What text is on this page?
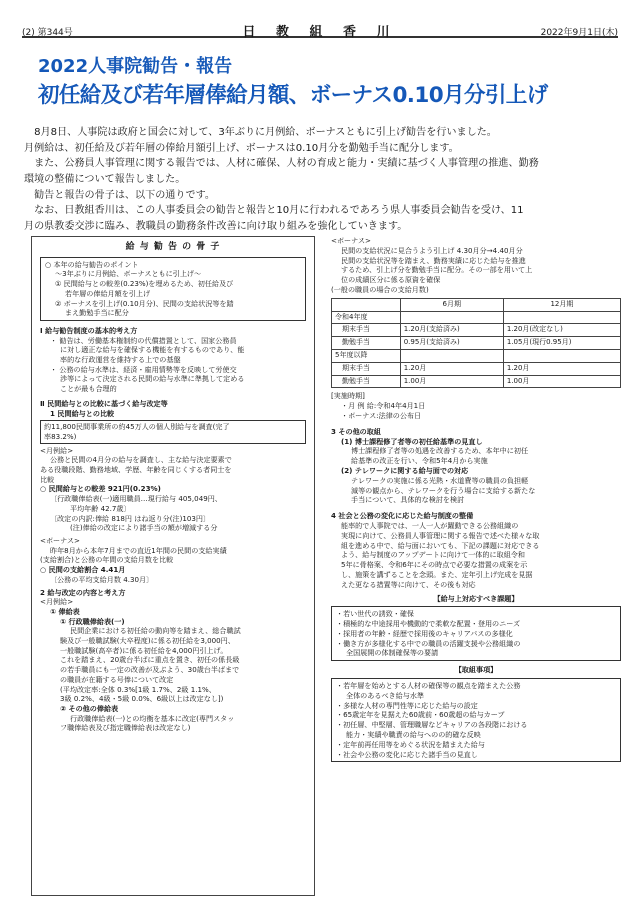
(2) 第344号	日 教 組 香 川	2022年9月1日(木)
2022人事院勧告・報告
初任給及び若年層俸給月額、ボーナス0.10月分引上げ

8月8日、人事院は政府と国会に対して、3年ぶりに月例給、ボーナスともに引上げ勧告を行いました。

月例給は、初任給及び若年層の俸給月額引上げ、ボーナスは0.10月分を勤勉手当に配分します。

また、公務員人事管理に関する報告では、人材に確保、人材の育成と能力・実績に基づく人事管理の推進、勤務

環境の整備について報告しました。

勧告と報告の骨子は、以下の通りです。

なお、日教組香川は、この人事委員会の勧告と報告と10月に行われるであろう県人事委員会勧告を受け、11

月の県教委交渉に臨み、教職員の勤務条件改善に向け取り組みを強化していきます。

給 与 勧 告 の 骨 子
○ 本年の給与勧告のポイント
〜3年ぶりに月例給、ボーナスともに引上げ〜
① 民間給与との較差(0.23%)を埋めるため、初任給及び
若年層の俸給月額を引上げ
② ボーナスを引上げ(0.10月分)、民間の支給状況等を踏
まえ勤勉手当に配分
Ⅰ 給与勧告制度の基本的考え方
・ 勧告は、労働基本権制約の代償措置として、国家公務員
に対し適正な給与を確保する機能を有するものであり、能
率的な行政運営を維持する上での基盤
・ 公務の給与水準は、経済・雇用情勢等を反映して労使交
渉等によって決定される民間の給与水準に準拠して定める
ことが最も合理的
Ⅱ 民間給与との比較に基づく給与改定等
1 民間給与との比較
約11,800民間事業所の約45万人の個人別給与を調査(完了
率83.2%)
<月例給>
公務と民間の4月分の給与を調査し、主な給与決定要素で
ある役職段階、勤務地域、学歴、年齢を同じくする者同士を
比較
○ 民間給与との較差 921円(0.23%)
〔行政職俸給表(一)適用職員…現行給与 405,049円、
平均年齢 42.7歳〕
〔改定の内訳:俸給 818円 はね返り分(注)103円〕
(注)俸給の改定により諸手当の額が増減する分
<ボーナス>
昨年8月から本年7月までの直近1年間の民間の支給実績
(支給割合)と公務の年間の支給月数を比較
○ 民間の支給割合 4.41月
〔公務の平均支給月数 4.30月〕
2 給与改定の内容と考え方
<月例給>
① 俸給表
① 行政職俸給表(一)
民間企業における初任給の動向等を踏まえ、総合職試
験及び一般職試験(大卒程度)に係る初任給を3,000円、
一般職試験(高卒者)に係る初任給を4,000円引上げ。
これを踏まえ、20歳台半ばに重点を置き、初任の係長級
の若手職員にも一定の改善が及ぶよう、30歳台半ばまで
の職員が在籍する号俸について改定
(平均改定率:全体 0.3%[1級 1.7%、2級 1.1%、
3級 0.2%、4級・5級 0.0%、6級以上は改定なし])
② その他の俸給表
行政職俸給表(一)との均衡を基本に改定(専門スタッ
フ職俸給表及び指定職俸給表は改定なし)
<ボーナス>
民間の支給状況に見合うよう引上げ 4.30月分→4.40月分
民間の支給状況等を踏まえ、勤務実績に応じた給与を推進
するため、引上げ分を勤勉手当に配分。その一部を用いて上
位の成績区分に係る原資を確保
(一般の職員の場合の支給月数)
	6月期	12月期
令和4年度		
期末手当	1.20月(支給済み)	1.20月(改定なし)
勤勉手当	0.95月(支給済み)	1.05月(現行0.95月)
5年度以降		
期末手当	1.20月	1.20月
勤勉手当	1.00月	1.00月
[実施時期]
・月 例 給:令和4年4月1日
・ボーナス:法律の公布日
3 その他の取組
(1) 博士課程修了者等の初任給基準の見直し
博士課程修了者等の処遇を改善するため、本年中に初任
給基準の改正を行い、令和5年4月から実施
(2) テレワークに関する給与面での対応
テレワークの実施に係る光熱・水道費等の職員の負担軽
減等の観点から、テレワークを行う場合に支給する新たな
手当について、具体的な検討を検討
4 社会と公務の変化に応じた給与制度の整備
能率的で人事院では、一人一人が躍動できる公務組織の
実現に向けて、公務員人事管理に関する報告で述べた様々な取
組を進める中で、給与面においても、下記の課題に対応できる
よう、給与制度のアップデートに向けて一体的に取組令和
5年に骨格案、令和6年にその時点で必要な措置の成案を示
し、施策を講ずることを念頭。また、定年引上げ完成を見据
えた更なる措置等に向けて、その後も対応
【給与上対応すべき課題】
・若い世代の誘致・確保
・積極的な中途採用や機動的で柔軟な配置・登用のニーズ
・採用者の年齢・経歴で採用後のキャリアパスの多様化
・働き方が多様化する中での職員の活躍支援や公務組織の
全国展開の体制確保等の要請
【取組事項】
・若年層を始めとする人材の確保等の観点を踏まえた公務
全体のあるべき給与水準
・多様な人材の専門性等に応じた給与の設定
・65歳定年を見据えた60歳前・60歳超の給与カーブ
・初任層、中堅層、管理職層などキャリアの各段階における
能力・実績や職責の給与へのの的確な反映
・定年前再任用等をめぐる状況を踏まえた給与
・社会や公務の変化に応じた諸手当の見直し
